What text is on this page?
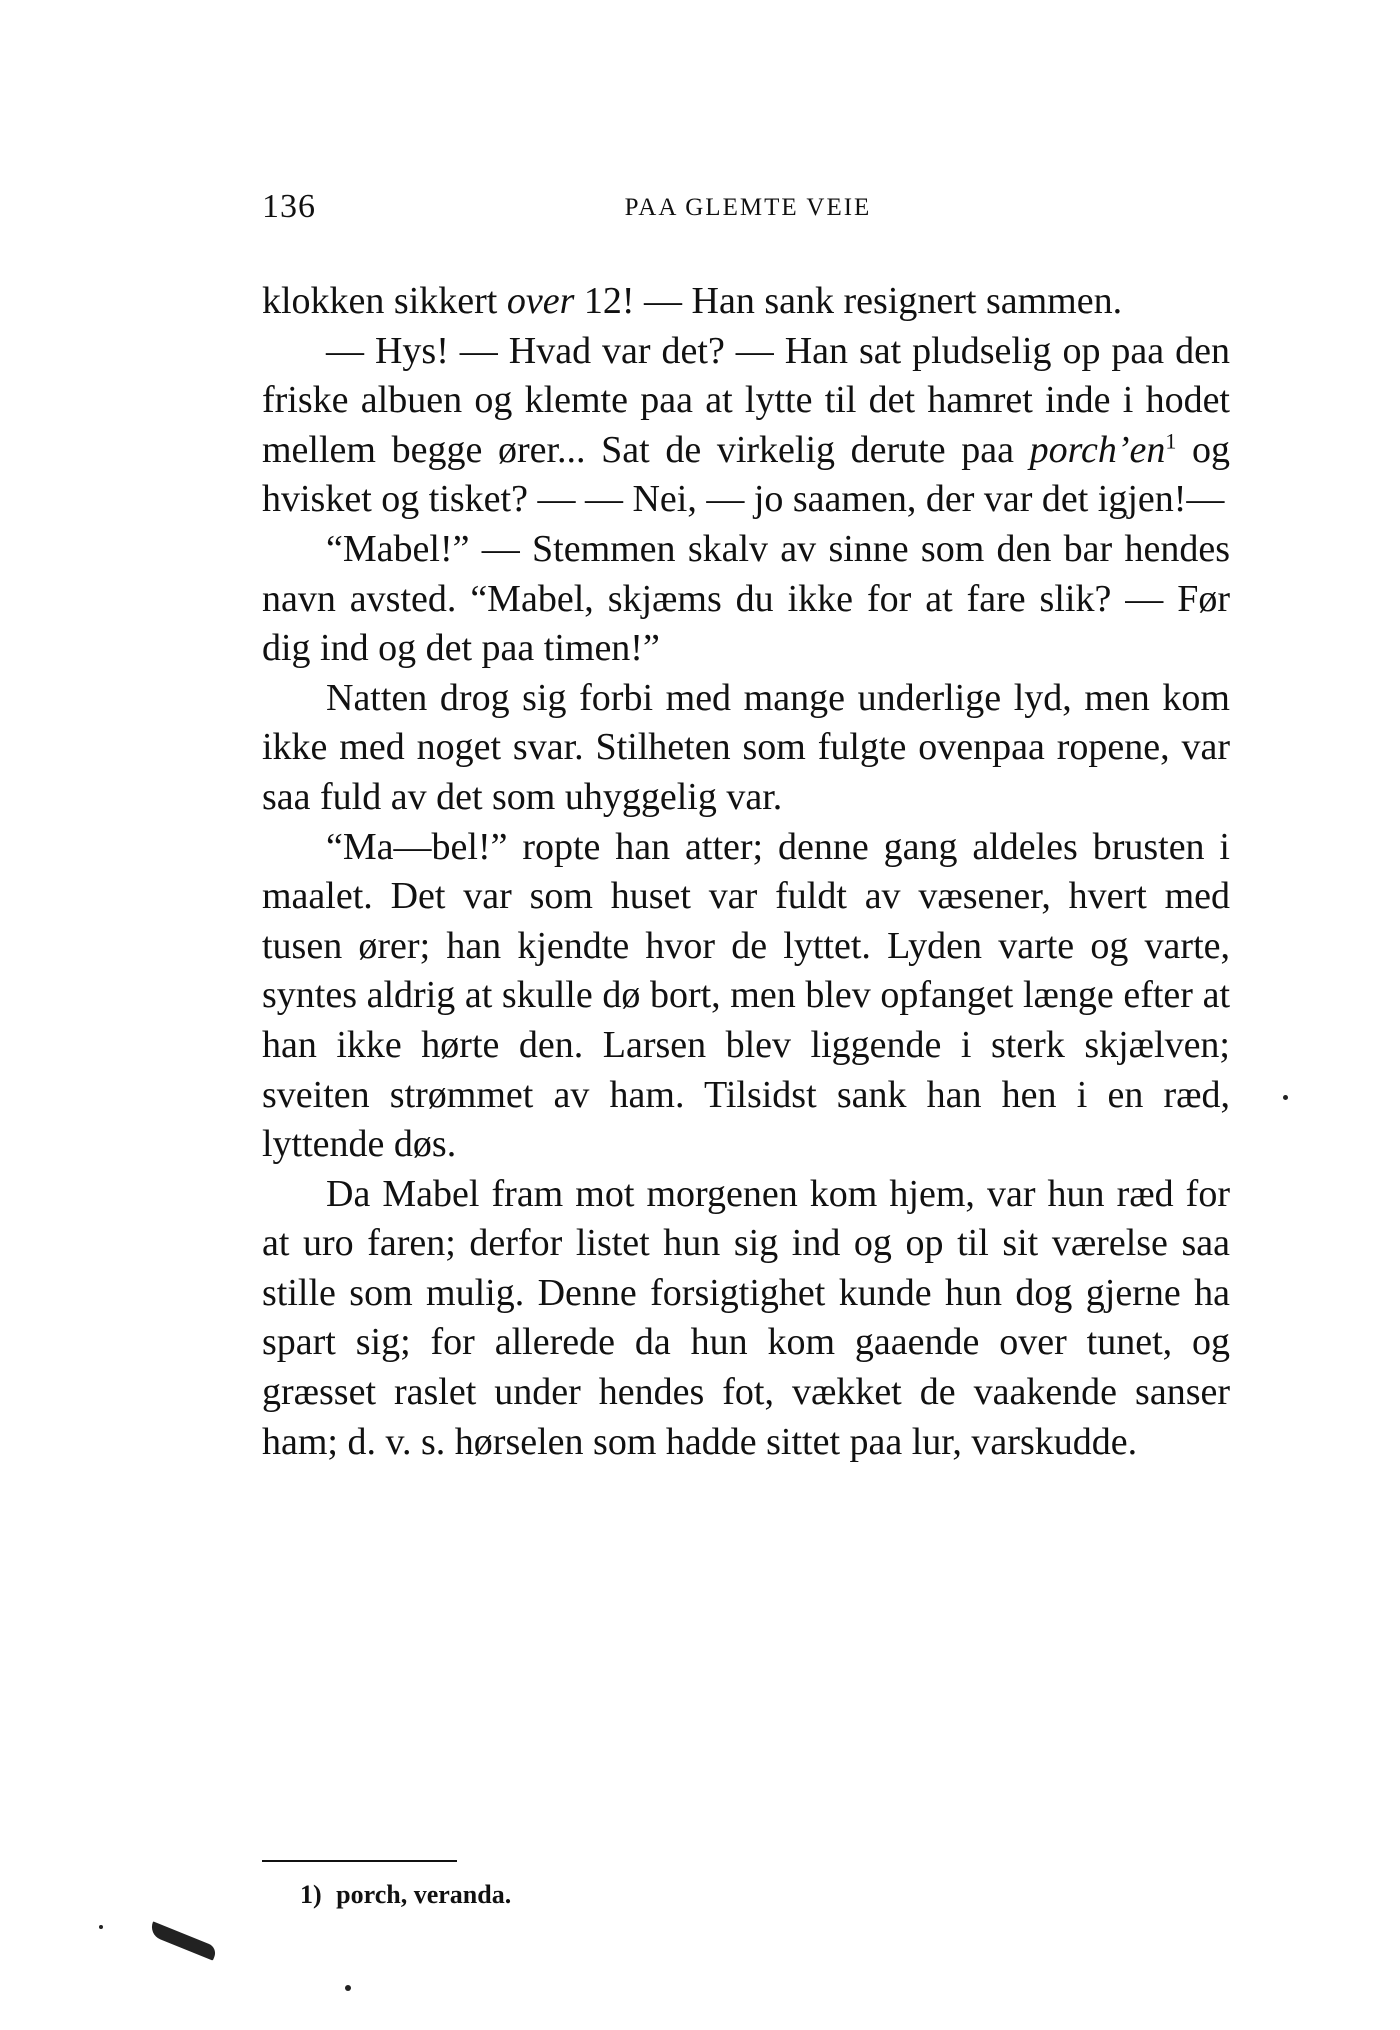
136	PAA GLEMTE VEIE

klokken sikkert over 12! — Han sank resignert sammen.

— Hys! — Hvad var det? — Han sat pludselig op paa den friske albuen og klemte paa at lytte til det hamret inde i hodet mellem begge ører... Sat de virkelig derute paa $porch’en^1$ og hvisket og tisket? — — Nei, — jo saamen, der var det igjen!—

“Mabel!” — Stemmen skalv av sinne som den bar hendes navn avsted. “Mabel, skjæms du ikke for at fare slik? — Før dig ind og det paa timen!”

Natten drog sig forbi med mange underlige lyd, men kom ikke med noget svar. Stilheten som fulgte ovenpaa ropene, var saa fuld av det som uhyggelig var.

“Ma—bel!” ropte han atter; denne gang aldeles brusten i maalet. Det var som huset var fuldt av væsener, hvert med tusen ører; han kjendte hvor de lyttet. Lyden varte og varte, syntes aldrig at skulle dø bort, men blev opfanget længe efter at han ikke hørte den. Larsen blev liggende i sterk skjælven; sveiten strømmet av ham. Tilsidst sank han hen i en ræd, lyttende døs.

Da Mabel fram mot morgenen kom hjem, var hun ræd for at uro faren; derfor listet hun sig ind og op til sit værelse saa stille som mulig. Denne forsigtighet kunde hun dog gjerne ha spart sig; for allerede da hun kom gaaende over tunet, og græsset raslet under hendes fot, vækket de vaakende sanser ham; d. v. s. hørselen som hadde sittet paa lur, varskudde.

1) porch, veranda.
